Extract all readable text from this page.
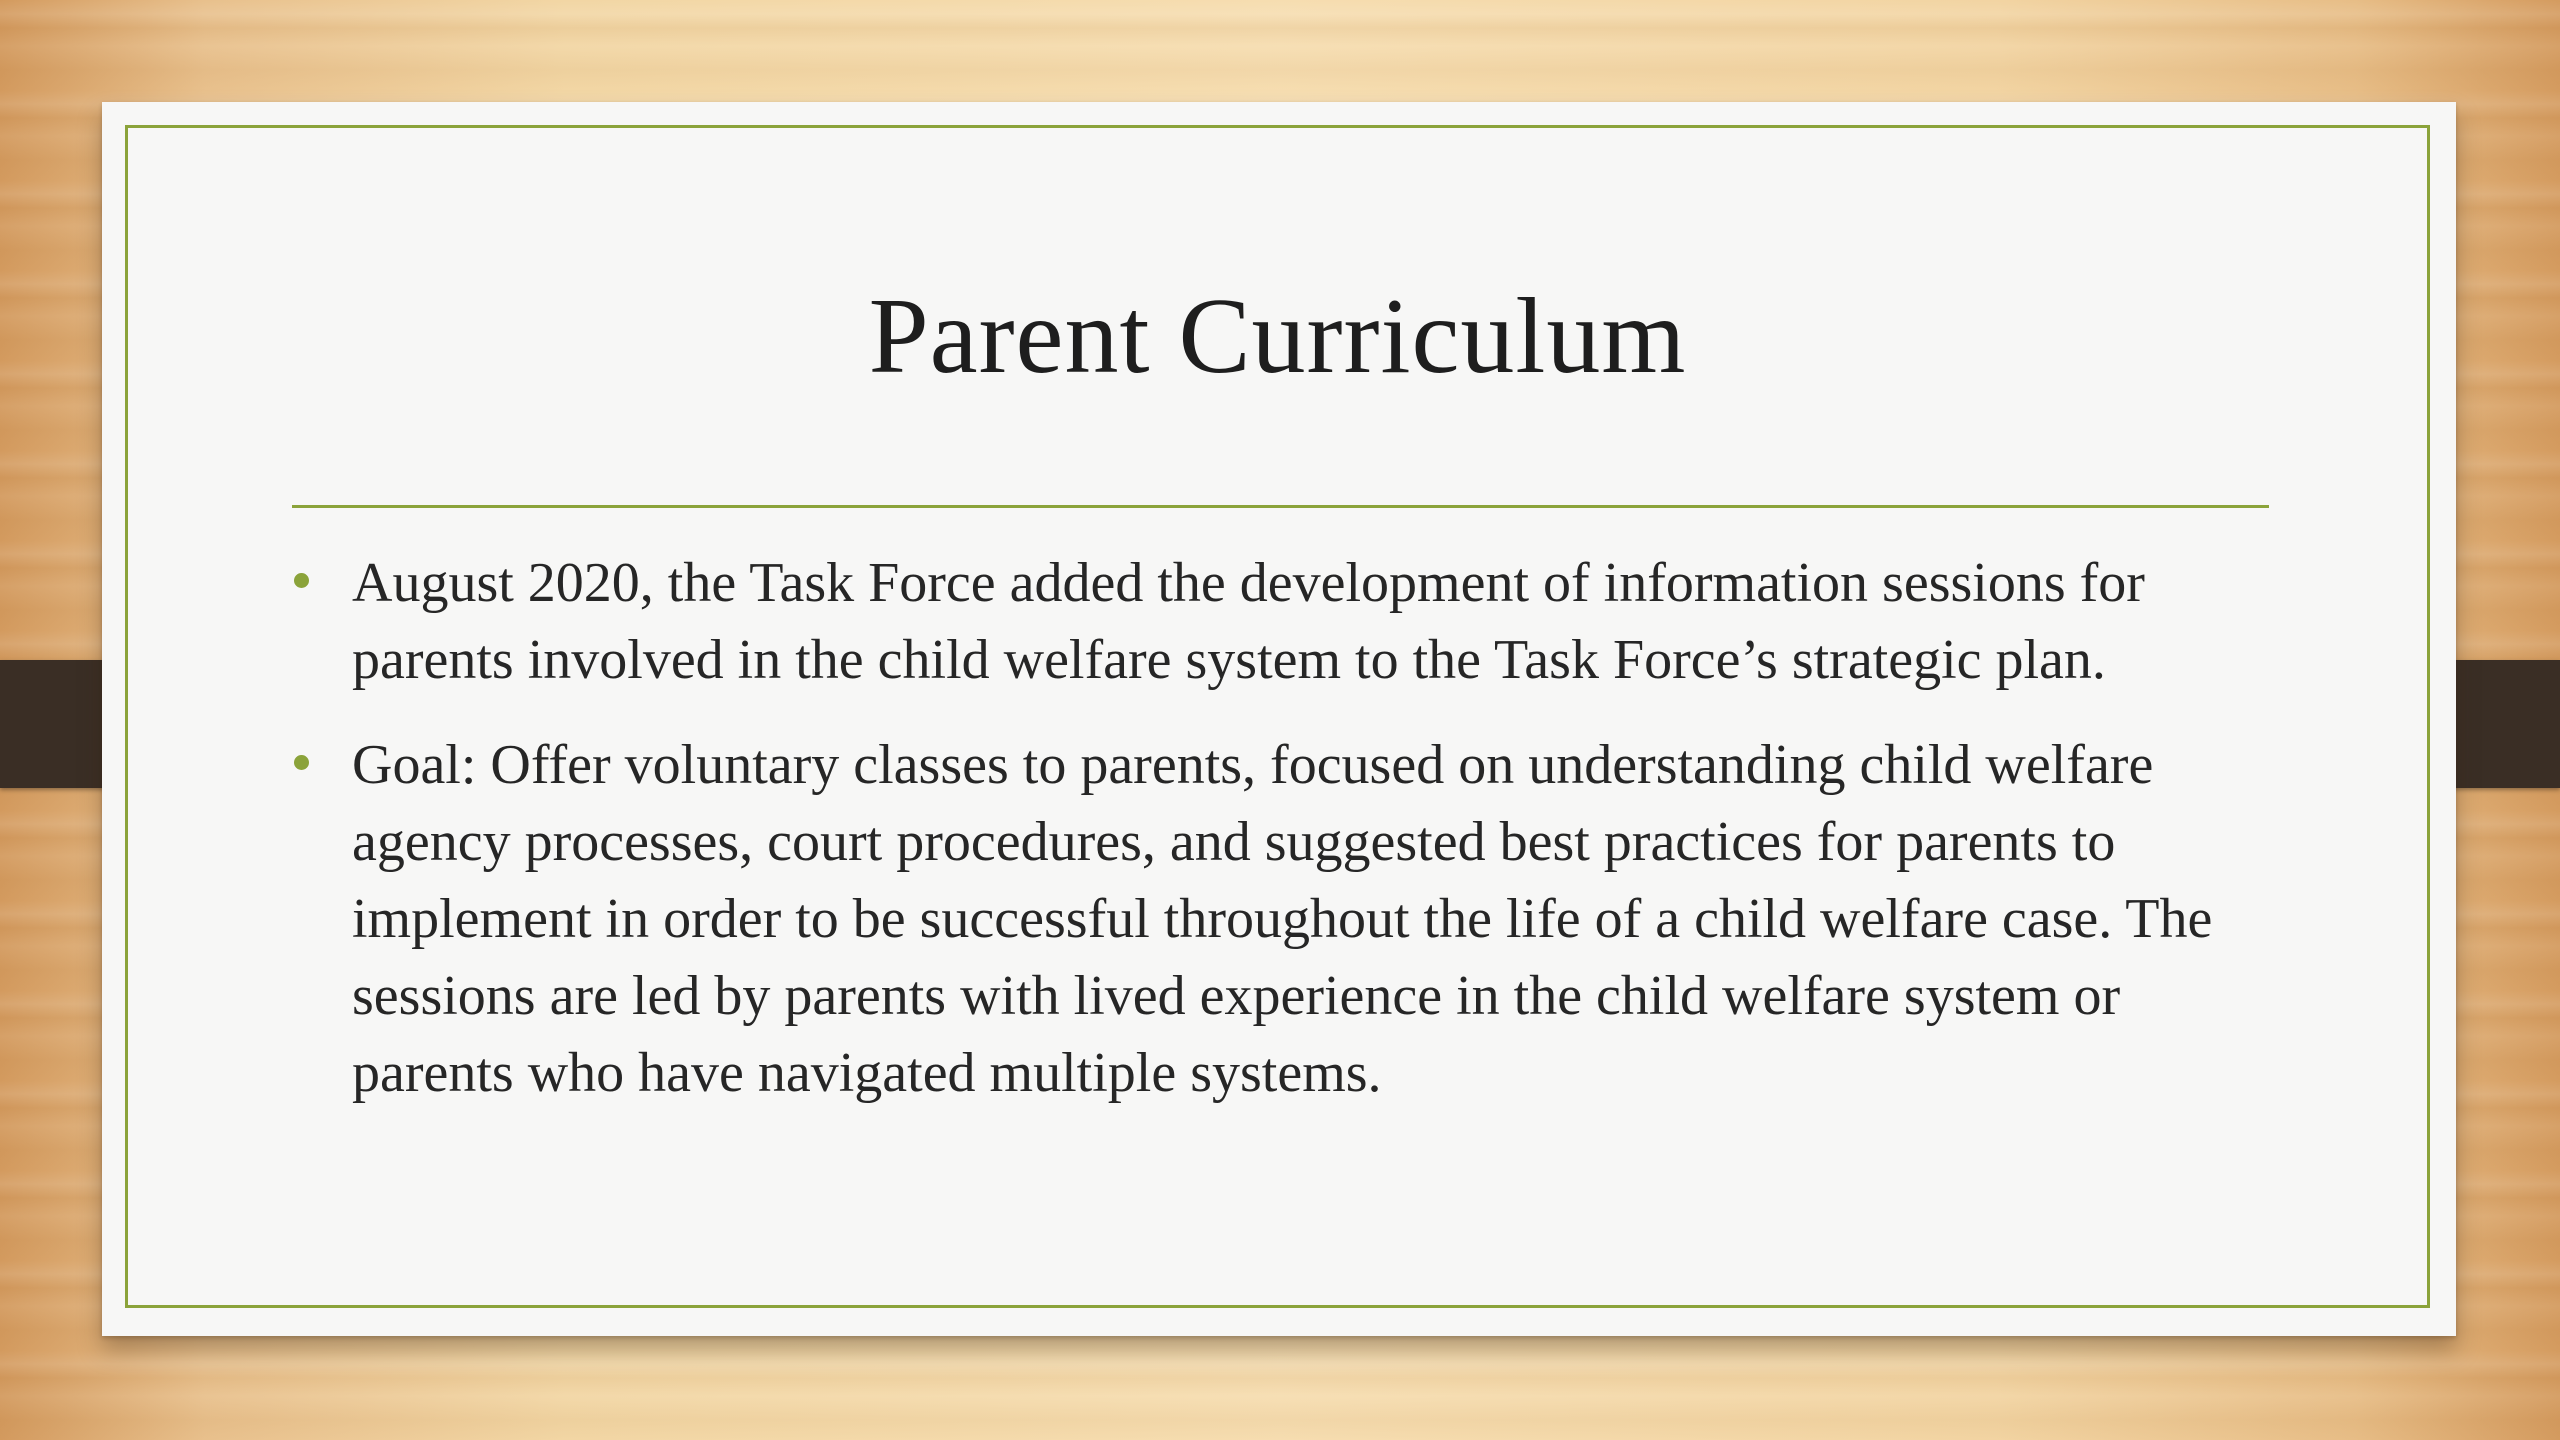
Parent Curriculum
August 2020, the Task Force added the development of information sessions for parents involved in the child welfare system to the Task Force’s strategic plan.
Goal: Offer voluntary classes to parents, focused on understanding child welfare agency processes, court procedures, and suggested best practices for parents to implement in order to be successful throughout the life of a child welfare case. The sessions are led by parents with lived experience in the child welfare system or parents who have navigated multiple systems.
